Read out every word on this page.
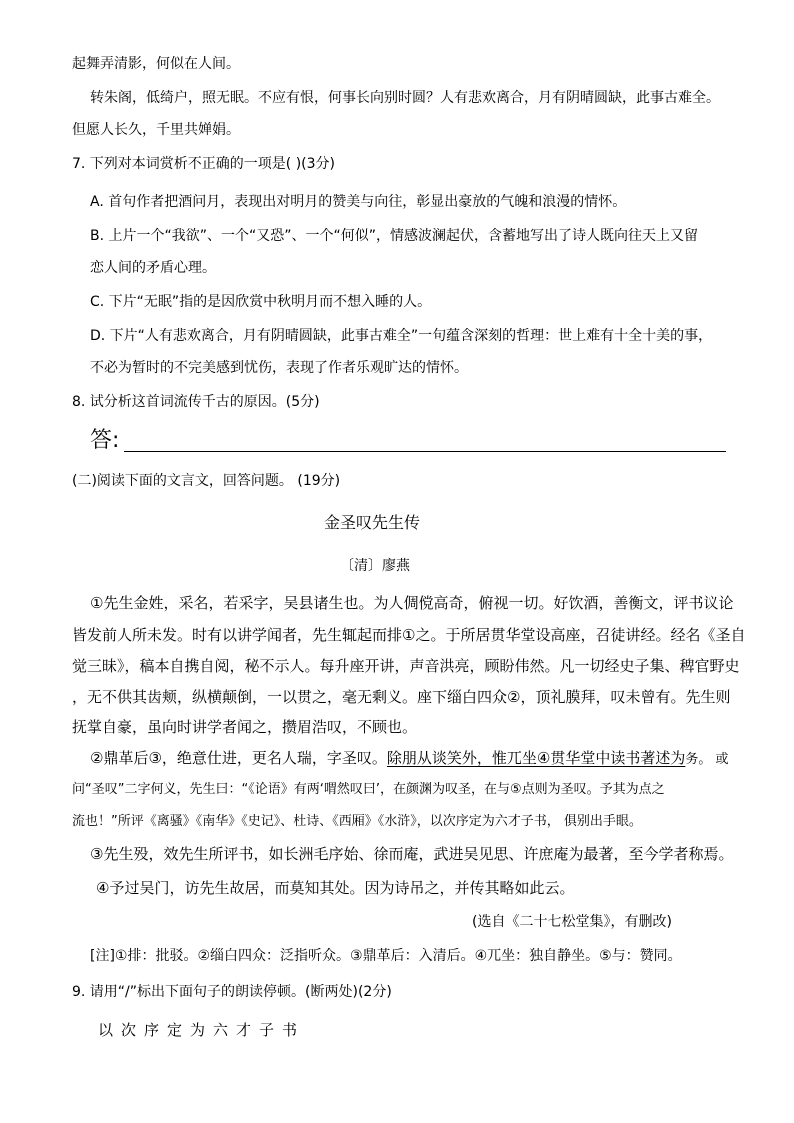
起舞弄清影，何似在人间。
转朱阁，低绮户，照无眠。不应有恨，何事长向别时圆？人有悲欢离合，月有阴晴圆缺，此事古难全。
但愿人长久，千里共婵娟。
7. 下列对本词赏析不正确的一项是( )(3分)
A. 首句作者把酒问月，表现出对明月的赞美与向往，彰显出豪放的气魄和浪漫的情怀。
B. 上片一个“我欲”、一个“又恐”、一个“何似”，情感波澜起伏，含蓄地写出了诗人既向往天上又留
恋人间的矛盾心理。
C. 下片“无眠”指的是因欣赏中秋明月而不想入睡的人。
D. 下片“人有悲欢离合，月有阴晴圆缺，此事古难全”一句蕴含深刻的哲理：世上难有十全十美的事，
不必为暂时的不完美感到忧伤，表现了作者乐观旷达的情怀。
8. 试分析这首词流传千古的原因。(5分)
答:
(二)阅读下面的文言文，回答问题。 (19分)
金圣叹先生传
〔清〕廖燕
①先生金姓，采名，若采字，吴县诸生也。为人倜傥高奇，俯视一切。好饮酒，善衡文，评书议论
皆发前人所未发。时有以讲学闻者，先生辄起而排①之。于所居贯华堂设高座，召徒讲经。经名《圣自
觉三昧》，稿本自携自阅，秘不示人。每升座开讲，声音洪亮，顾盼伟然。凡一切经史子集、稗官野史
，无不供其齿颊，纵横颠倒，一以贯之，毫无剩义。座下缁白四众②，顶礼膜拜，叹未曾有。先生则
抚掌自豪，虽向时讲学者闻之，攒眉浩叹，不顾也。
②鼎革后③，绝意仕进，更名人瑞，字圣叹。除朋从谈笑外，惟兀坐④贯华堂中读书著述为务。 或
问“圣叹”二字何义，先生曰：“《论语》有两‘喟然叹曰’，在颜渊为叹圣，在与⑤点则为圣叹。予其为点之
流也！”所评《离骚》《南华》《史记》、杜诗、《西厢》《水浒》，以次序定为六才子书， 俱别出手眼。
③先生殁，效先生所评书，如长洲毛序始、徐而庵，武进吴见思、许庶庵为最著，至今学者称焉。
④予过吴门，访先生故居，而莫知其处。因为诗吊之，并传其略如此云。
(选自《二十七松堂集》，有删改)
[注]①排：批驳。②缁白四众：泛指听众。③鼎革后：入清后。④兀坐：独自静坐。⑤与：赞同。
9. 请用“/”标出下面句子的朗读停顿。(断两处)(2分)
以次序定为六才子书
